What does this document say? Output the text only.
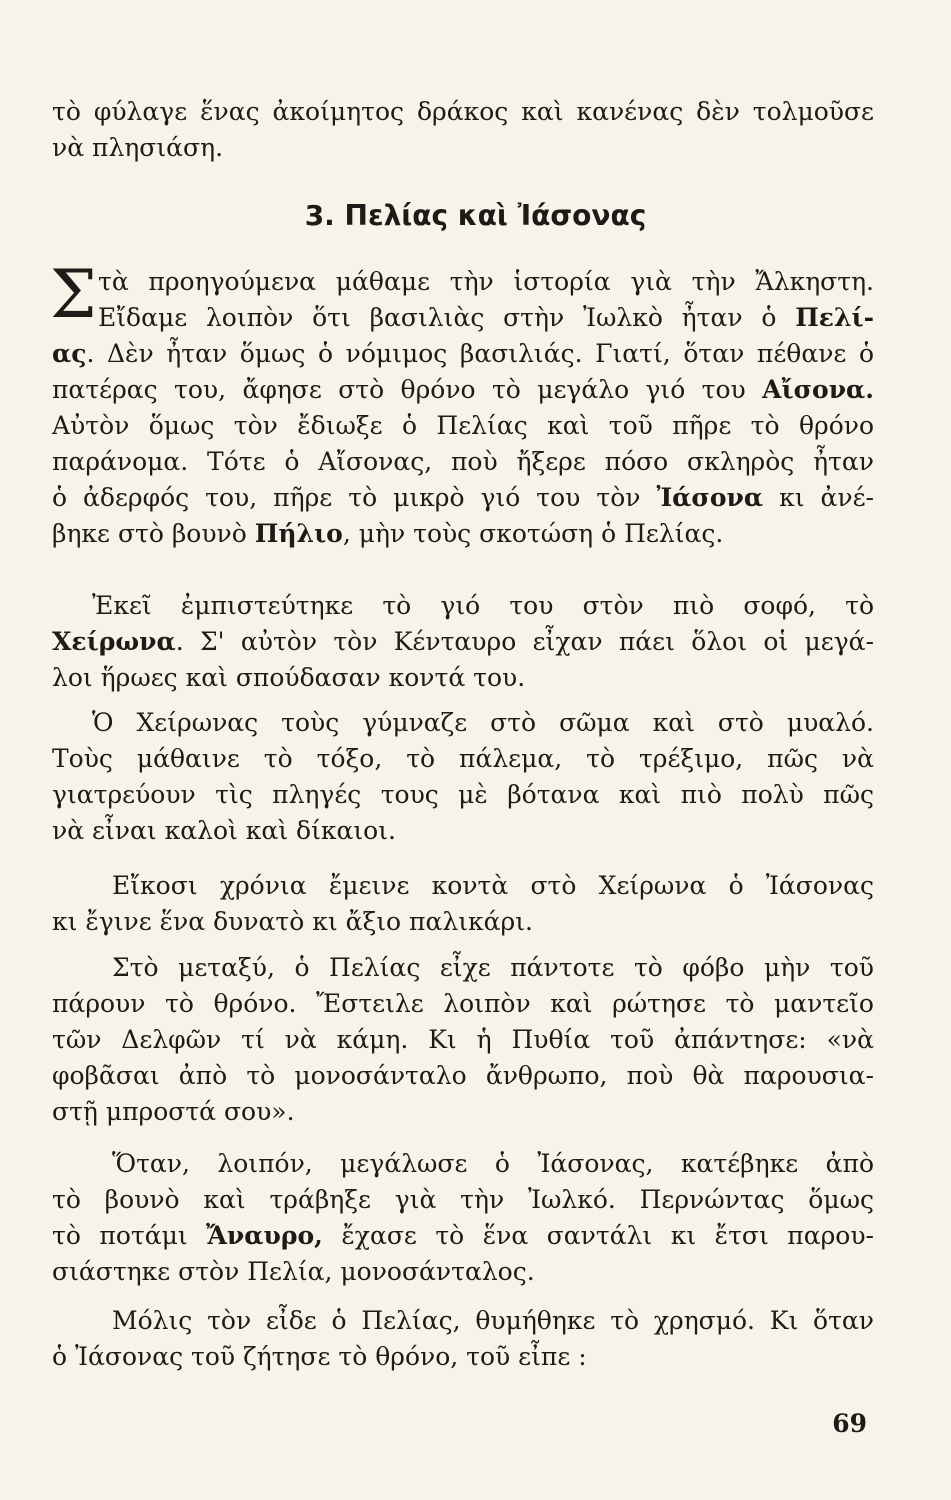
τὸ φύλαγε ἕνας ἀκοίμητος δράκος καὶ κανένας δὲν τολμοῦσε
νὰ πλησιάση.
3. Πελίας καὶ Ἰάσονας
Σ τὰ προηγούμενα μάθαμε τὴν ἱστορία γιὰ τὴν Ἄλκηστη.
Εἴδαμε λοιπὸν ὅτι βασιλιὰς στὴν Ἰωλκὸ ἦταν ὁ Πελί-
ας. Δὲν ἦταν ὅμως ὁ νόμιμος βασιλιάς. Γιατί, ὅταν πέθανε ὁ
πατέρας του, ἄφησε στὸ θρόνο τὸ μεγάλο γιό του Αἴσονα.
Αὐτὸν ὅμως τὸν ἔδιωξε ὁ Πελίας καὶ τοῦ πῆρε τὸ θρόνο
παράνομα. Τότε ὁ Αἴσονας, ποὺ ἤξερε πόσο σκληρὸς ἦταν
ὁ ἀδερφός του, πῆρε τὸ μικρὸ γιό του τὸν Ἰάσονα κι ἀνέ-
βηκε στὸ βουνὸ Πήλιο, μὴν τοὺς σκοτώση ὁ Πελίας.
Ἐκεῖ ἐμπιστεύτηκε τὸ γιό του στὸν πιὸ σοφό, τὸ
Χείρωνα. Σ' αὐτὸν τὸν Κένταυρο εἶχαν πάει ὅλοι οἱ μεγά-
λοι ἥρωες καὶ σπούδασαν κοντά του.
Ὁ Χείρωνας τοὺς γύμναζε στὸ σῶμα καὶ στὸ μυαλό.
Τοὺς μάθαινε τὸ τόξο, τὸ πάλεμα, τὸ τρέξιμο, πῶς νὰ
γιατρεύουν τὶς πληγές τους μὲ βότανα καὶ πιὸ πολὺ πῶς
νὰ εἶναι καλοὶ καὶ δίκαιοι.
Εἴκοσι χρόνια ἔμεινε κοντὰ στὸ Χείρωνα ὁ Ἰάσονας
κι ἔγινε ἕνα δυνατὸ κι ἄξιο παλικάρι.
Στὸ μεταξύ, ὁ Πελίας εἶχε πάντοτε τὸ φόβο μὴν τοῦ
πάρουν τὸ θρόνο. Ἔστειλε λοιπὸν καὶ ρώτησε τὸ μαντεῖο
τῶν Δελφῶν τί νὰ κάμη. Κι ἡ Πυθία τοῦ ἀπάντησε: «νὰ
φοβᾶσαι ἀπὸ τὸ μονοσάνταλο ἄνθρωπο, ποὺ θὰ παρουσια-
στῇ μπροστά σου».
Ὅταν, λοιπόν, μεγάλωσε ὁ Ἰάσονας, κατέβηκε ἀπὸ
τὸ βουνὸ καὶ τράβηξε γιὰ τὴν Ἰωλκό. Περνώντας ὅμως
τὸ ποτάμι Ἄναυρο, ἔχασε τὸ ἕνα σαντάλι κι ἔτσι παρου-
σιάστηκε στὸν Πελία, μονοσάνταλος.
Μόλις τὸν εἶδε ὁ Πελίας, θυμήθηκε τὸ χρησμό. Κι ὅταν
ὁ Ἰάσονας τοῦ ζήτησε τὸ θρόνο, τοῦ εἶπε :
69
